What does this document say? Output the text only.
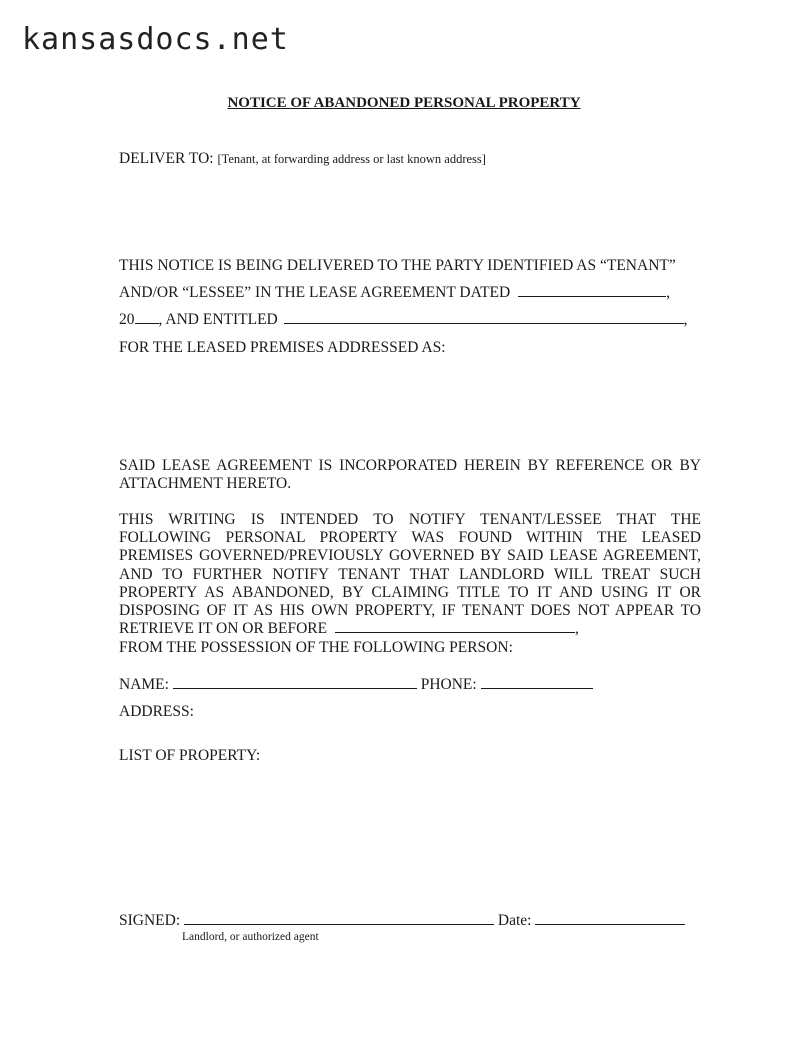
kansasdocs.net
NOTICE OF ABANDONED PERSONAL PROPERTY
DELIVER TO: [Tenant, at forwarding address or last known address]
THIS NOTICE IS BEING DELIVERED TO THE PARTY IDENTIFIED AS “TENANT”
AND/OR “LESSEE” IN THE LEASE AGREEMENT DATED	,
20 , AND ENTITLED	,
FOR THE LEASED PREMISES ADDRESSED AS:
SAID LEASE AGREEMENT IS INCORPORATED HEREIN BY REFERENCE OR BY ATTACHMENT HERETO.
THIS WRITING IS INTENDED TO NOTIFY TENANT/LESSEE THAT THE FOLLOWING PERSONAL PROPERTY WAS FOUND WITHIN THE LEASED PREMISES GOVERNED/PREVIOUSLY GOVERNED BY SAID LEASE AGREEMENT, AND TO FURTHER NOTIFY TENANT THAT LANDLORD WILL TREAT SUCH PROPERTY AS ABANDONED, BY CLAIMING TITLE TO IT AND USING IT OR DISPOSING OF IT AS HIS OWN PROPERTY, IF TENANT DOES NOT APPEAR TO RETRIEVE IT ON OR BEFORE	,
FROM THE POSSESSION OF THE FOLLOWING PERSON:
NAME:	PHONE:
ADDRESS:
LIST OF PROPERTY:
SIGNED:	Date:
Landlord, or authorized agent
